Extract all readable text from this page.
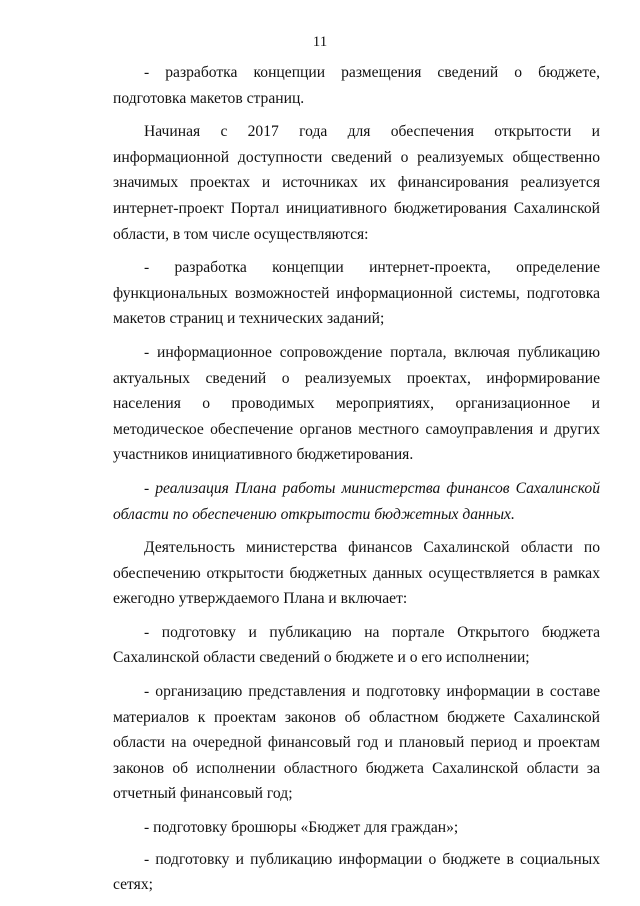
11

- разработка концепции размещения сведений о бюджете, подготовка макетов страниц.

Начиная с 2017 года для обеспечения открытости и информационной доступности сведений о реализуемых общественно значимых проектах и источниках их финансирования реализуется интернет-проект Портал инициативного бюджетирования Сахалинской области, в том числе осуществляются:

- разработка концепции интернет-проекта, определение функциональных возможностей информационной системы, подготовка макетов страниц и технических заданий;

- информационное сопровождение портала, включая публикацию актуальных сведений о реализуемых проектах, информирование населения о проводимых мероприятиях, организационное и методическое обеспечение органов местного самоуправления и других участников инициативного бюджетирования.

- реализация Плана работы министерства финансов Сахалинской области по обеспечению открытости бюджетных данных.

Деятельность министерства финансов Сахалинской области по обеспечению открытости бюджетных данных осуществляется в рамках ежегодно утверждаемого Плана и включает:

- подготовку и публикацию на портале Открытого бюджета Сахалинской области сведений о бюджете и о его исполнении;

- организацию представления и подготовку информации в составе материалов к проектам законов об областном бюджете Сахалинской области на очередной финансовый год и плановый период и проектам законов об исполнении областного бюджета Сахалинской области за отчетный финансовый год;

- подготовку брошюры «Бюджет для граждан»;

- подготовку и публикацию информации о бюджете в социальных сетях;
